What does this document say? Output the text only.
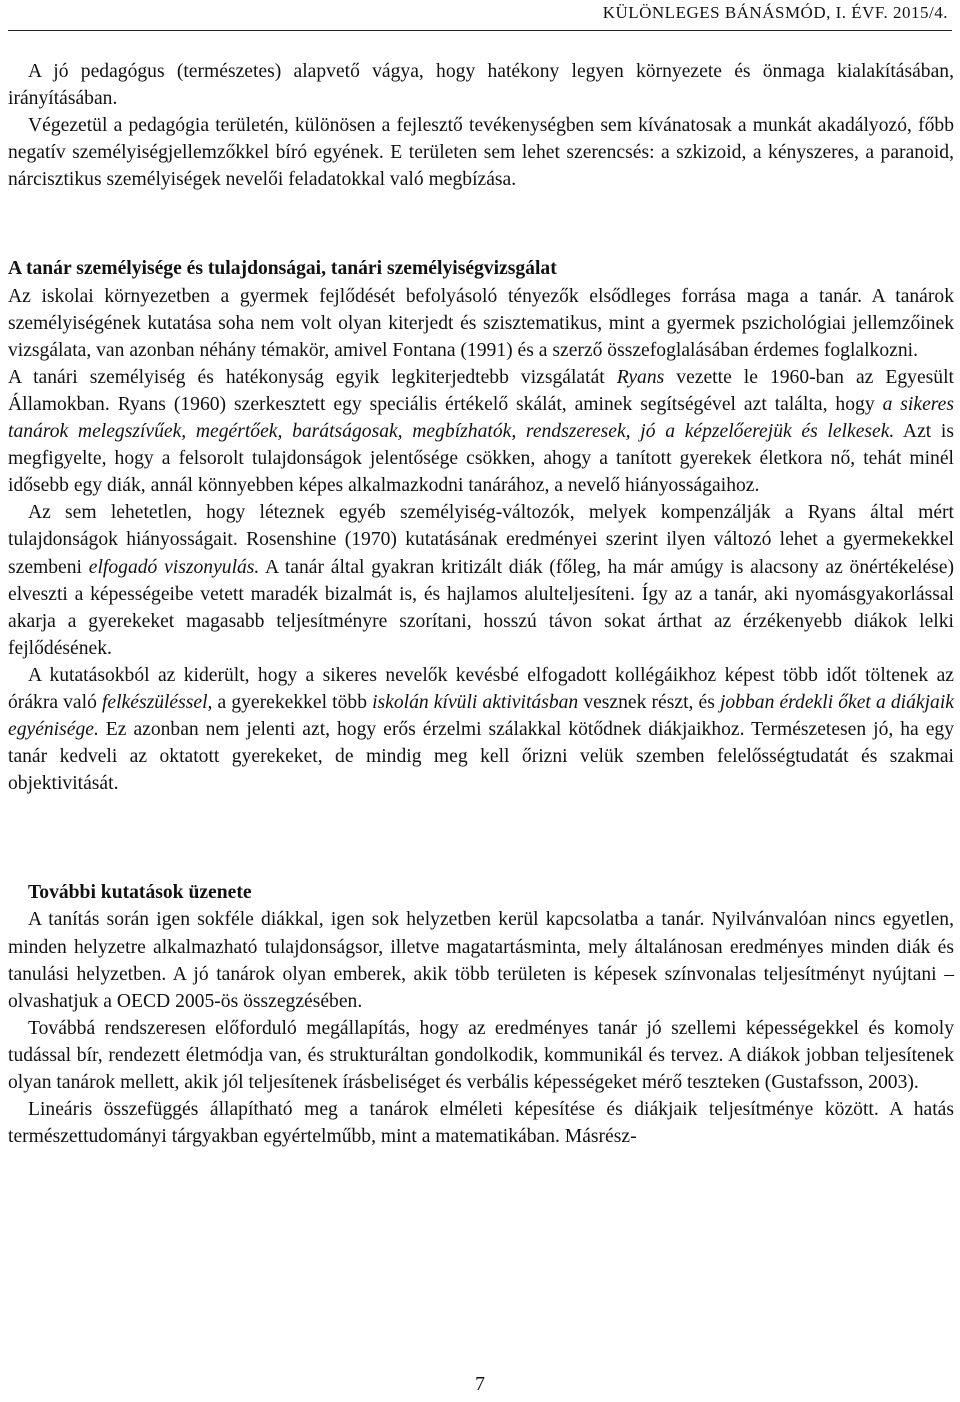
KÜLÖNLEGES BÁNÁSMÓD, I. ÉVF. 2015/4.

A jó pedagógus (természetes) alapvető vágya, hogy hatékony legyen környezete és önmaga kialakításában, irányításában.

Végezetül a pedagógia területén, különösen a fejlesztő tevékenységben sem kívánatosak a munkát akadályozó, főbb negatív személyiségjellemzőkkel bíró egyének. E területen sem lehet szerencsés: a szkizoid, a kényszeres, a paranoid, nárcisztikus személyiségek nevelői feladatokkal való megbízása.

A tanár személyisége és tulajdonságai, tanári személyiségvizsgálat

Az iskolai környezetben a gyermek fejlődését befolyásoló tényezők elsődleges forrása maga a tanár. A tanárok személyiségének kutatása soha nem volt olyan kiterjedt és szisztematikus, mint a gyermek pszichológiai jellemzőinek vizsgálata, van azonban néhány témakör, amivel Fontana (1991) és a szerző összefoglalásában érdemes foglalkozni.

A tanári személyiség és hatékonyság egyik legkiterjedtebb vizsgálatát Ryans vezette le 1960-ban az Egyesült Államokban. Ryans (1960) szerkesztett egy speciális értékelő skálát, aminek segítségével azt találta, hogy a sikeres tanárok melegszívűek, megértőek, barátságosak, megbízhatók, rendszeresek, jó a képzelőerejük és lelkesek. Azt is megfigyelte, hogy a felsorolt tulajdonságok jelentősége csökken, ahogy a tanított gyerekek életkora nő, tehát minél idősebb egy diák, annál könnyebben képes alkalmazkodni tanárához, a nevelő hiányosságaihoz.

Az sem lehetetlen, hogy léteznek egyéb személyiség-változók, melyek kompenzálják a Ryans által mért tulajdonságok hiányosságait. Rosenshine (1970) kutatásának eredményei szerint ilyen változó lehet a gyermekekkel szembeni elfogadó viszonyulás. A tanár által gyakran kritizált diák (főleg, ha már amúgy is alacsony az önértékelése) elveszti a képességeibe vetett maradék bizalmát is, és hajlamos alulteljesíteni. Így az a tanár, aki nyomásgyakorlással akarja a gyerekeket magasabb teljesítményre szorítani, hosszú távon sokat árthat az érzékenyebb diákok lelki fejlődésének.

A kutatásokból az kiderült, hogy a sikeres nevelők kevésbé elfogadott kollégáikhoz képest több időt töltenek az órákra való felkészüléssel, a gyerekekkel több iskolán kívüli aktivitásban vesznek részt, és jobban érdekli őket a diákjaik egyénisége. Ez azonban nem jelenti azt, hogy erős érzelmi szálakkal kötődnek diákjaikhoz. Természetesen jó, ha egy tanár kedveli az oktatott gyerekeket, de mindig meg kell őrizni velük szemben felelősségtudatát és szakmai objektivitását.

További kutatások üzenete

A tanítás során igen sokféle diákkal, igen sok helyzetben kerül kapcsolatba a tanár. Nyilvánvalóan nincs egyetlen, minden helyzetre alkalmazható tulajdonságsor, illetve magatartásminta, mely általánosan eredményes minden diák és tanulási helyzetben. A jó tanárok olyan emberek, akik több területen is képesek színvonalas teljesítményt nyújtani – olvashatjuk a OECD 2005-ös összegzésében.

Továbbá rendszeresen előforduló megállapítás, hogy az eredményes tanár jó szellemi képességekkel és komoly tudással bír, rendezett életmódja van, és strukturáltan gondolkodik, kommunikál és tervez. A diákok jobban teljesítenek olyan tanárok mellett, akik jól teljesítenek írásbeliséget és verbális képességeket mérő teszteken (Gustafsson, 2003).

Lineáris összefüggés állapítható meg a tanárok elméleti képesítése és diákjaik teljesítménye között. A hatás természettudományi tárgyakban egyértelműbb, mint a matematikában. Másrész-

7
